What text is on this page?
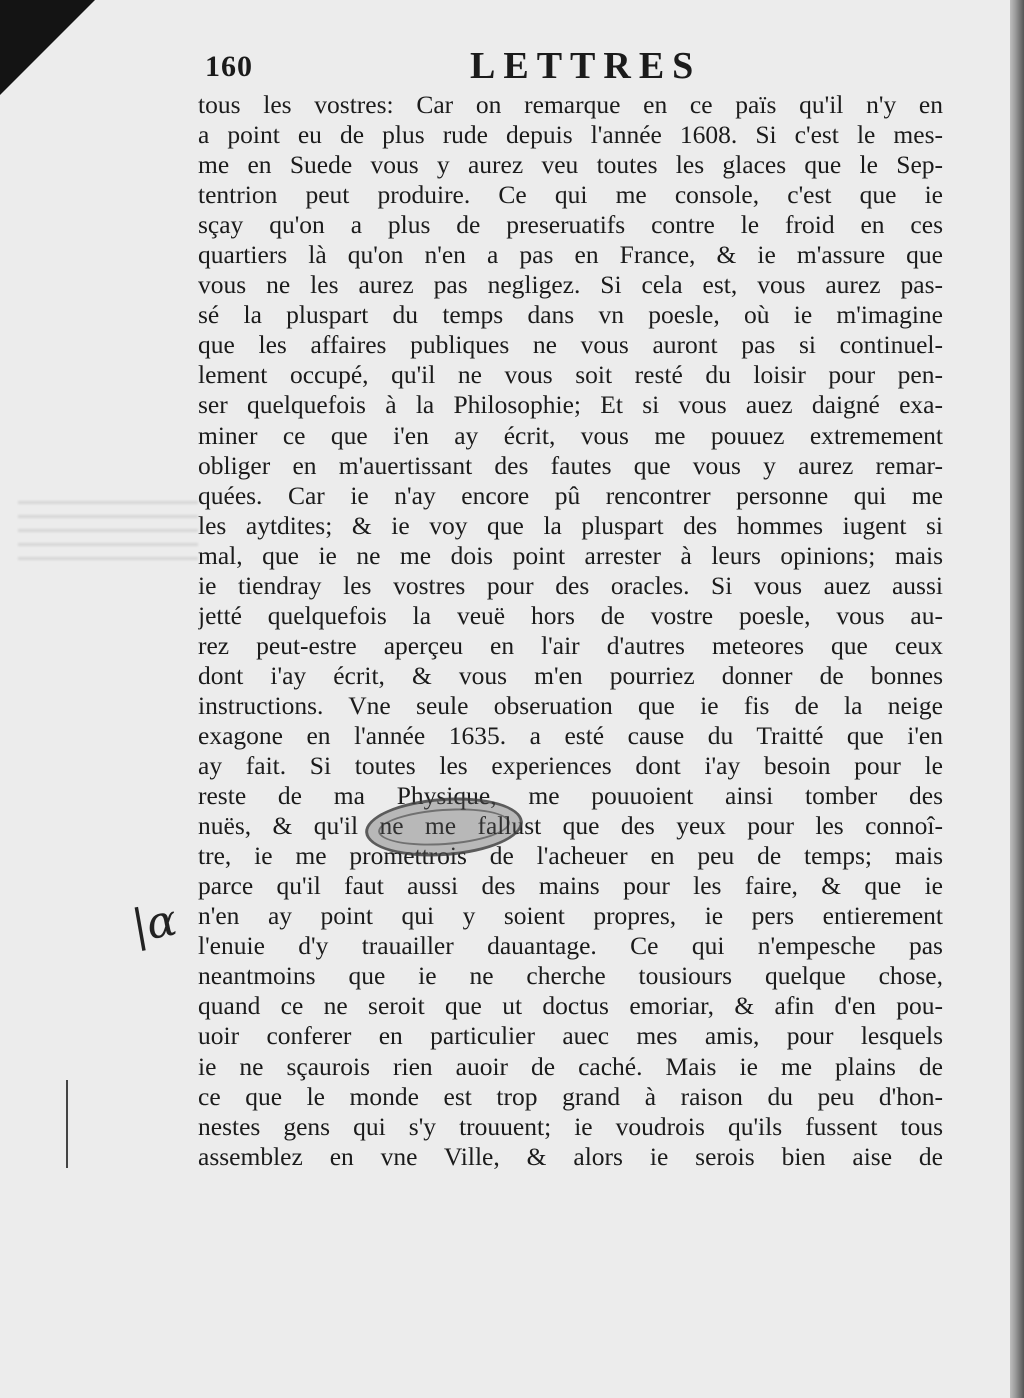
160	LETTRES
tous les vostres: Car on remarque en ce païs qu'il n'y en
a point eu de plus rude depuis l'année 1608. Si c'est le mes-
me en Suede vous y aurez veu toutes les glaces que le Sep-
tentrion peut produire. Ce qui me console, c'est que ie
sçay qu'on a plus de preseruatifs contre le froid en ces
quartiers là qu'on n'en a pas en France, & ie m'assure que
vous ne les aurez pas negligez. Si cela est, vous aurez pas-
sé la pluspart du temps dans vn poesle, où ie m'imagine
que les affaires publiques ne vous auront pas si continuel-
lement occupé, qu'il ne vous soit resté du loisir pour pen-
ser quelquefois à la Philosophie; Et si vous auez daigné exa-
miner ce que i'en ay écrit, vous me pouuez extremement
obliger en m'auertissant des fautes que vous y aurez remar-
quées. Car ie n'ay encore pû rencontrer personne qui me
les aytdites; & ie voy que la pluspart des hommes iugent si
mal, que ie ne me dois point arrester à leurs opinions; mais
ie tiendray les vostres pour des oracles. Si vous auez aussi
jetté quelquefois la veuë hors de vostre poesle, vous au-
rez peut-estre aperçeu en l'air d'autres meteores que ceux
dont i'ay écrit, & vous m'en pourriez donner de bonnes
instructions. Vne seule obseruation que ie fis de la neige
exagone en l'année 1635. a esté cause du Traitté que i'en
ay fait. Si toutes les experiences dont i'ay besoin pour le
reste de ma Physique, me pouuoient ainsi tomber des
nuës, & qu'il ne me fallust que des yeux pour les connoî-
tre, ie me promettrois de l'acheuer en peu de temps; mais
parce qu'il faut aussi des mains pour les faire, & que ie
n'en ay point qui y soient propres, ie pers entierement
l'enuie d'y trauailler dauantage. Ce qui n'empesche pas
neantmoins que ie ne cherche tousiours quelque chose,
quand ce ne seroit que ut doctus emoriar, & afin d'en pou-
uoir conferer en particulier auec mes amis, pour lesquels
ie ne sçaurois rien auoir de caché. Mais ie me plains de
ce que le monde est trop grand à raison du peu d'hon-
nestes gens qui s'y trouuent; ie voudrois qu'ils fussent tous
assemblez en vne Ville, & alors ie serois bien aise de
|α
